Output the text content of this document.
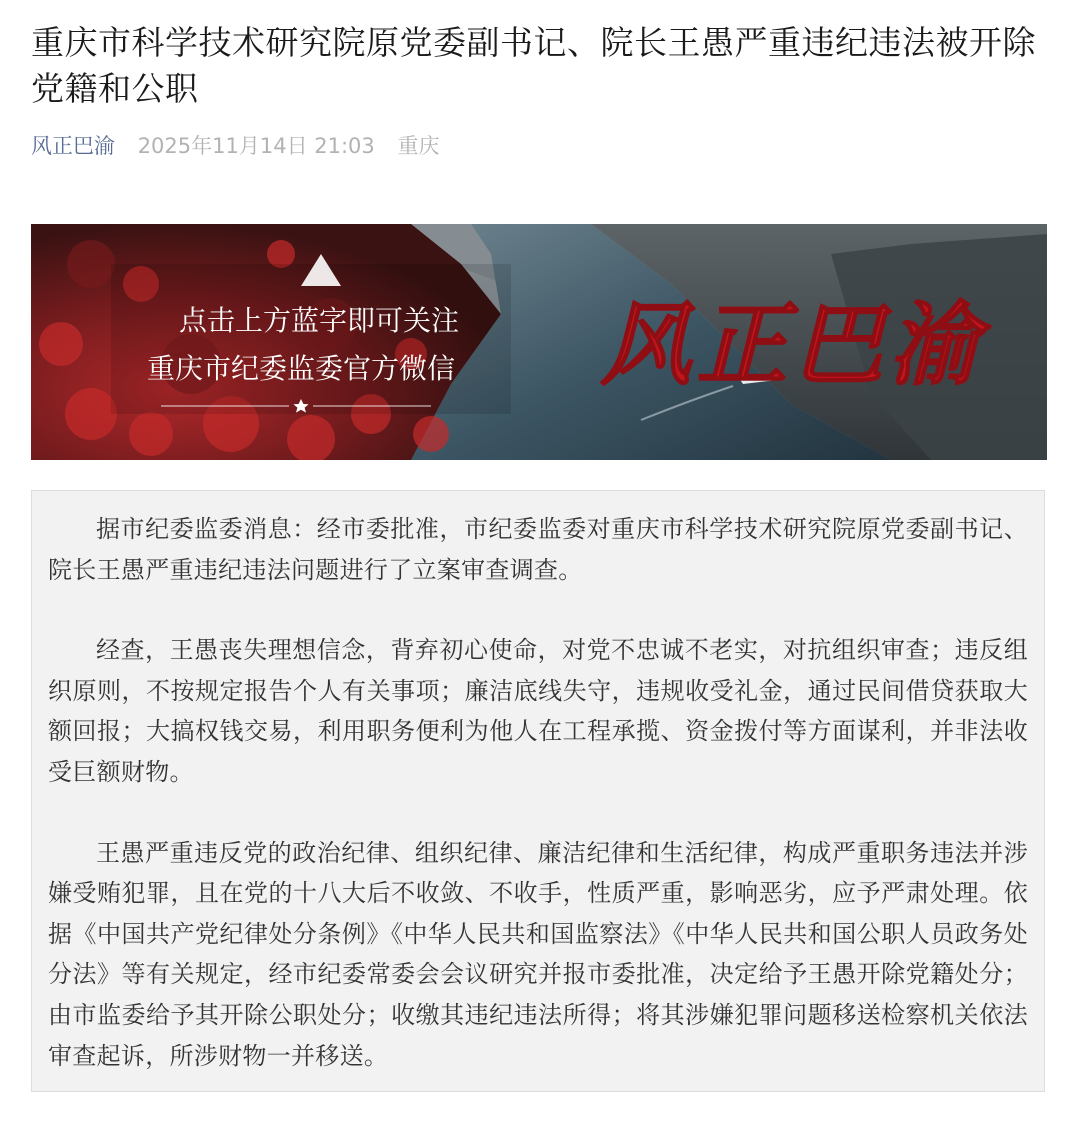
重庆市科学技术研究院原党委副书记、院长王愚严重违纪违法被开除党籍和公职
风正巴渝 2025年11月14日 21:03 重庆
点击上方蓝字即可关注
重庆市纪委监委官方微信 风正巴渝

据市纪委监委消息：经市委批准，市纪委监委对重庆市科学技术研究院原党委副书记、院长王愚严重违纪违法问题进行了立案审查调查。

经查，王愚丧失理想信念，背弃初心使命，对党不忠诚不老实，对抗组织审查；违反组织原则，不按规定报告个人有关事项；廉洁底线失守，违规收受礼金，通过民间借贷获取大额回报；大搞权钱交易，利用职务便利为他人在工程承揽、资金拨付等方面谋利，并非法收受巨额财物。

王愚严重违反党的政治纪律、组织纪律、廉洁纪律和生活纪律，构成严重职务违法并涉嫌受贿犯罪，且在党的十八大后不收敛、不收手，性质严重，影响恶劣，应予严肃处理。依据《中国共产党纪律处分条例》《中华人民共和国监察法》《中华人民共和国公职人员政务处分法》等有关规定，经市纪委常委会会议研究并报市委批准，决定给予王愚开除党籍处分；由市监委给予其开除公职处分；收缴其违纪违法所得；将其涉嫌犯罪问题移送检察机关依法审查起诉，所涉财物一并移送。
